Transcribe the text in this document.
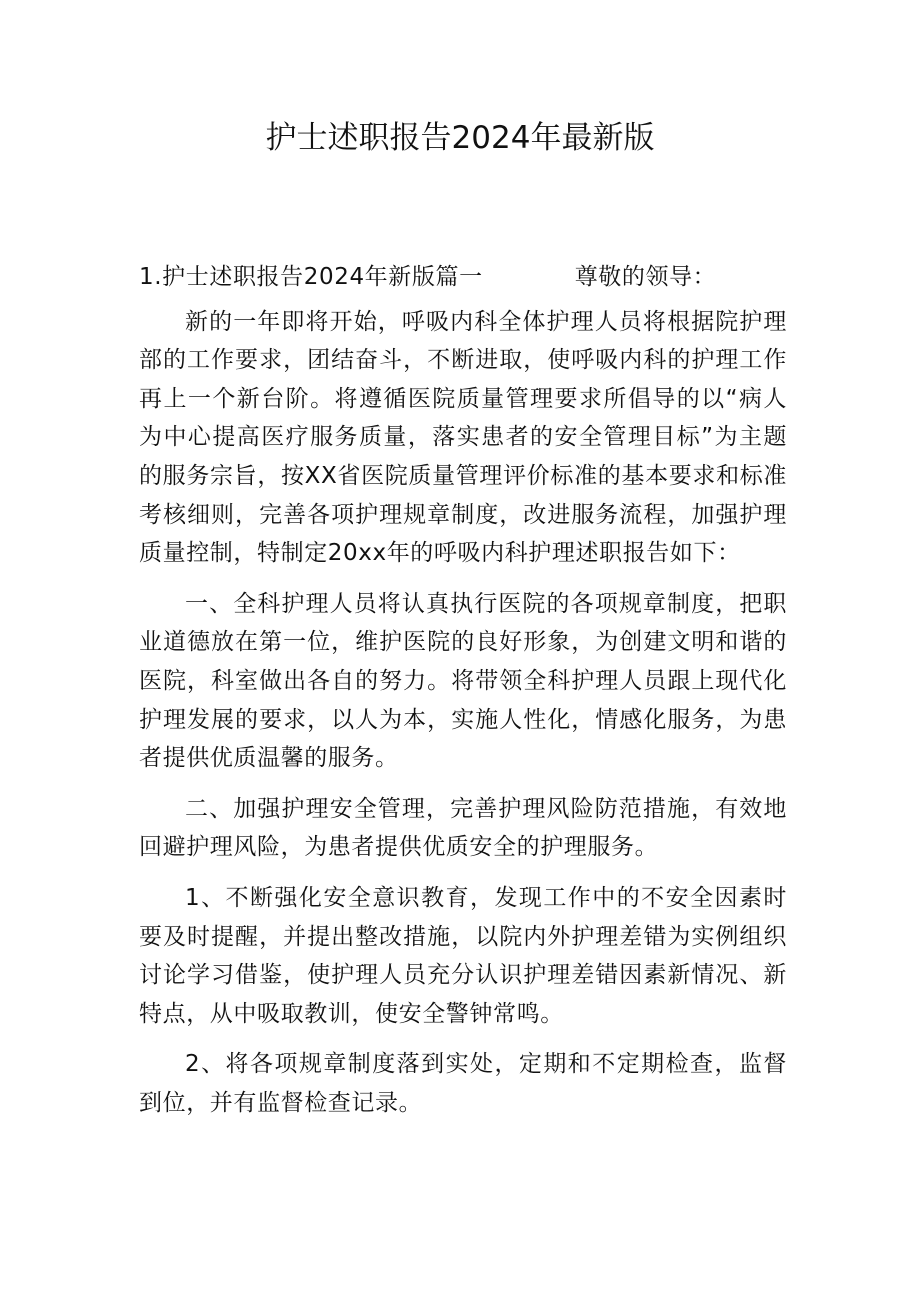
护士述职报告2024年最新版

1.护士述职报告2024年新版篇一	尊敬的领导：

新的一年即将开始，呼吸内科全体护理人员将根据院护理部的工作要求，团结奋斗，不断进取，使呼吸内科的护理工作再上一个新台阶。将遵循医院质量管理要求所倡导的以“病人为中心提高医疗服务质量，落实患者的安全管理目标”为主题的服务宗旨，按XX省医院质量管理评价标准的基本要求和标准考核细则，完善各项护理规章制度，改进服务流程，加强护理质量控制，特制定20xx年的呼吸内科护理述职报告如下：

一、全科护理人员将认真执行医院的各项规章制度，把职业道德放在第一位，维护医院的良好形象，为创建文明和谐的医院，科室做出各自的努力。将带领全科护理人员跟上现代化护理发展的要求，以人为本，实施人性化，情感化服务，为患者提供优质温馨的服务。

二、加强护理安全管理，完善护理风险防范措施，有效地回避护理风险，为患者提供优质安全的护理服务。

1、不断强化安全意识教育，发现工作中的不安全因素时要及时提醒，并提出整改措施，以院内外护理差错为实例组织讨论学习借鉴，使护理人员充分认识护理差错因素新情况、新特点，从中吸取教训，使安全警钟常鸣。

2、将各项规章制度落到实处，定期和不定期检查，监督到位，并有监督检查记录。
